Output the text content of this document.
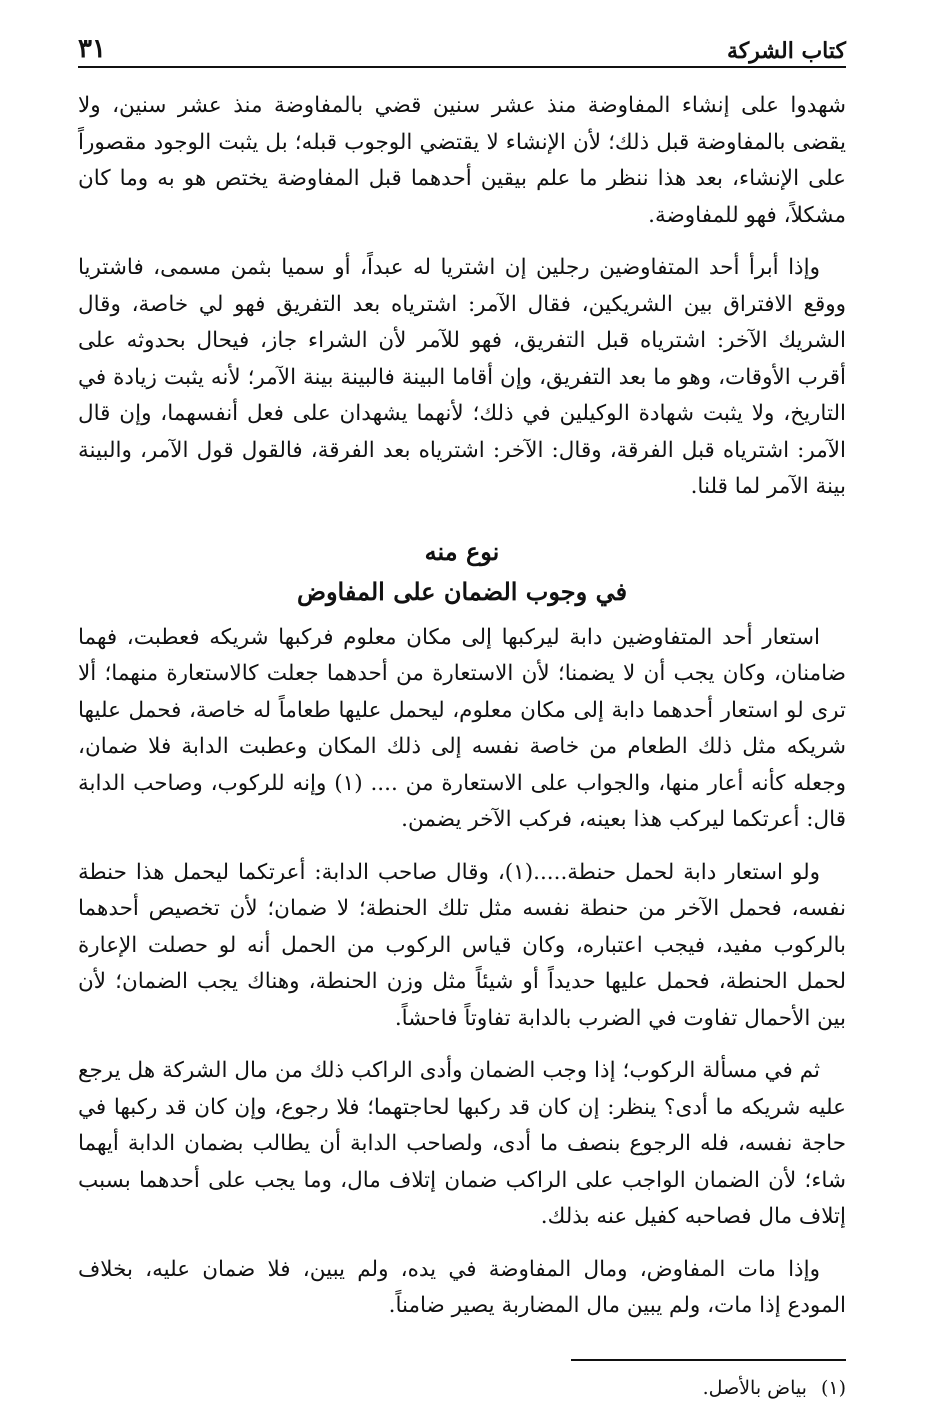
كتاب الشركة
٣١

شهدوا على إنشاء المفاوضة منذ عشر سنين قضي بالمفاوضة منذ عشر سنين، ولا يقضى بالمفاوضة قبل ذلك؛ لأن الإنشاء لا يقتضي الوجوب قبله؛ بل يثبت الوجود مقصوراً على الإنشاء، بعد هذا ننظر ما علم بيقين أحدهما قبل المفاوضة يختص هو به وما كان مشكلاً، فهو للمفاوضة.

وإذا أبرأ أحد المتفاوضين رجلين إن اشتريا له عبداً، أو سميا بثمن مسمى، فاشتريا ووقع الافتراق بين الشريكين، فقال الآمر: اشترياه بعد التفريق فهو لي خاصة، وقال الشريك الآخر: اشترياه قبل التفريق، فهو للآمر لأن الشراء جاز، فيحال بحدوثه على أقرب الأوقات، وهو ما بعد التفريق، وإن أقاما البينة فالبينة بينة الآمر؛ لأنه يثبت زيادة في التاريخ، ولا يثبت شهادة الوكيلين في ذلك؛ لأنهما يشهدان على فعل أنفسهما، وإن قال الآمر: اشترياه قبل الفرقة، وقال: الآخر: اشترياه بعد الفرقة، فالقول قول الآمر، والبينة بينة الآمر لما قلنا.

نوع منه
في وجوب الضمان على المفاوض

استعار أحد المتفاوضين دابة ليركبها إلى مكان معلوم فركبها شريكه فعطبت، فهما ضامنان، وكان يجب أن لا يضمنا؛ لأن الاستعارة من أحدهما جعلت كالاستعارة منهما؛ ألا ترى لو استعار أحدهما دابة إلى مكان معلوم، ليحمل عليها طعاماً له خاصة، فحمل عليها شريكه مثل ذلك الطعام من خاصة نفسه إلى ذلك المكان وعطبت الدابة فلا ضمان، وجعله كأنه أعار منها، والجواب على الاستعارة من .... (١) وإنه للركوب، وصاحب الدابة قال: أعرتكما ليركب هذا بعينه، فركب الآخر يضمن.

ولو استعار دابة لحمل حنطة.....(١)، وقال صاحب الدابة: أعرتكما ليحمل هذا حنطة نفسه، فحمل الآخر من حنطة نفسه مثل تلك الحنطة؛ لا ضمان؛ لأن تخصيص أحدهما بالركوب مفيد، فيجب اعتباره، وكان قياس الركوب من الحمل أنه لو حصلت الإعارة لحمل الحنطة، فحمل عليها حديداً أو شيئاً مثل وزن الحنطة، وهناك يجب الضمان؛ لأن بين الأحمال تفاوت في الضرب بالدابة تفاوتاً فاحشاً.

ثم في مسألة الركوب؛ إذا وجب الضمان وأدى الراكب ذلك من مال الشركة هل يرجع عليه شريكه ما أدى؟ ينظر: إن كان قد ركبها لحاجتهما؛ فلا رجوع، وإن كان قد ركبها في حاجة نفسه، فله الرجوع بنصف ما أدى، ولصاحب الدابة أن يطالب بضمان الدابة أيهما شاء؛ لأن الضمان الواجب على الراكب ضمان إتلاف مال، وما يجب على أحدهما بسبب إتلاف مال فصاحبه كفيل عنه بذلك.

وإذا مات المفاوض، ومال المفاوضة في يده، ولم يبين، فلا ضمان عليه، بخلاف المودع إذا مات، ولم يبين مال المضاربة يصير ضامناً.

(١)
بياض بالأصل.
